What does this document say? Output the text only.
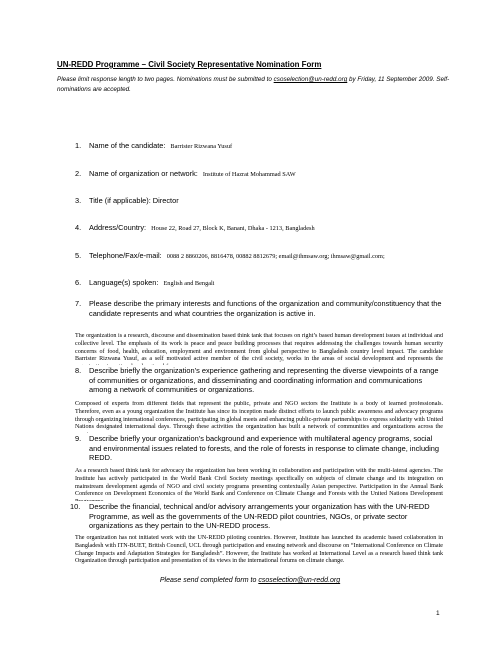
UN-REDD Programme – Civil Society Representative Nomination Form
Please limit response length to two pages. Nominations must be submitted to csoselection@un-redd.org by Friday, 11 September 2009. Self-nominations are accepted.
1. Name of the candidate: Barrister Rizwana Yusuf
2. Name of organization or network: Institute of Hazrat Mohammad SAW
3. Title (if applicable): Director
4. Address/Country: House 22, Road 27, Block K, Banani, Dhaka - 1213, Bangladesh
5. Telephone/Fax/e-mail: 0088 2 8860206, 8816478, 00882 8812679; email@ihmsaw.org; ihmsaw@gmail.com;
6. Language(s) spoken: English and Bengali
7. Please describe the primary interests and functions of the organization and community/constituency that the candidate represents and what countries the organization is active in.
The organization is a research, discourse and dissemination based think tank that focuses on right’s based human development issues at individual and collective level. The emphasis of its work is peace and peace building processes that requires addressing the challenges towards human security concerns of food, health, education, employment and environment from global perspective to Bangladesh country level impact. The candidate Barrister Rizwana Yusuf, as a self motivated active member of the civil society, works in the areas of social development and represents the
8. Describe briefly the organization’s experience gathering and representing the diverse viewpoints of a range of communities or organizations, and disseminating and coordinating information and communications among a network of communities or organizations.
Composed of experts from different fields that represent the public, private and NGO sectors the Institute is a body of learned professionals. Therefore, even as a young organization the Institute has since its inception made distinct efforts to launch public awareness and advocacy programs through organizing international conferences, participating in global meets and enhancing public-private partnerships to express solidarity with United Nations designated international days. Through these activities the organization has built a network of communities and organizations across the
9. Describe briefly your organization’s background and experience with multilateral agency programs, social and environmental issues related to forests, and the role of forests in response to climate change, including REDD.
As a research based think tank for advocacy the organization has been working in collaboration and participation with the multi-lateral agencies. The Institute has actively participated in the World Bank Civil Society meetings specifically on subjects of climate change and its integration on mainstream development agenda of NGO and civil society programs presenting contextually Asian perspective. Participation in the Annual Bank Conference on Development Economics of the World Bank and Conference on Climate Change and Forests with the United Nations Development
10. Describe the financial, technical and/or advisory arrangements your organization has with the UN-REDD Programme, as well as the governments of the UN-REDD pilot countries, NGOs, or private sector organizations as they pertain to the UN-REDD process.
The organization has not initiated work with the UN-REDD piloting countries. However, Institute has launched its academic based collaboration in Bangladesh with ITN-BUET, British Council, UCL through participation and ensuing network and discourse on “International Conference on Climate Change Impacts and Adaptation Strategies for Bangladesh”. However, the Institute has worked at International Level as a research based think tank Organization through participation and presentation of its views in the international forums on climate change.
Please send completed form to csoselection@un-redd.org
1
